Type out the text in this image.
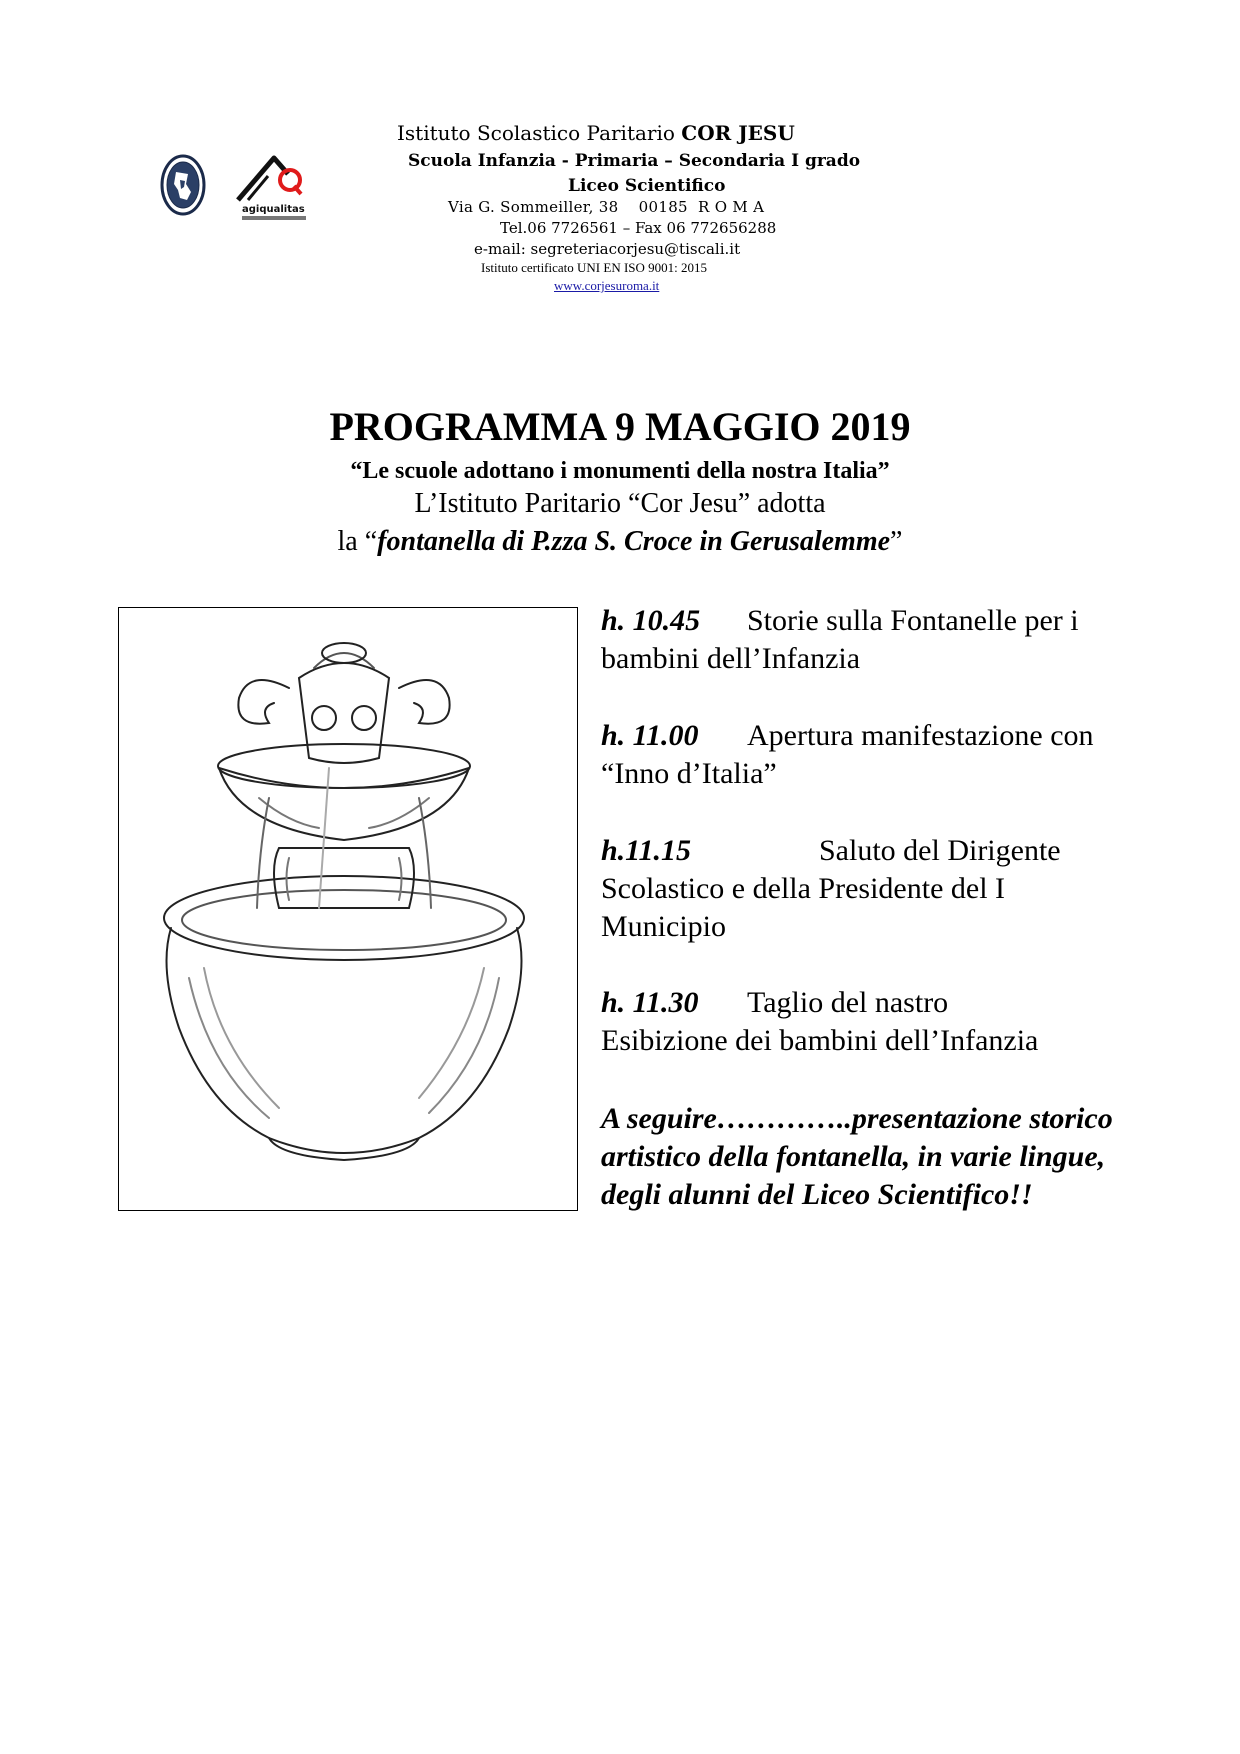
agiqualitas
Istituto Scolastico Paritario COR JESU
Scuola Infanzia - Primaria – Secondaria I grado
Liceo Scientifico
Via G. Sommeiller, 38    00185  R O M A
Tel.06 7726561 – Fax 06 772656288
e-mail: segreteriacorjesu@tiscali.it
Istituto certificato UNI EN ISO 9001: 2015
www.corjesuroma.it
PROGRAMMA 9 MAGGIO 2019
“Le scuole adottano i monumenti della nostra Italia”
L’Istituto Paritario “Cor Jesu” adotta
la “fontanella di P.zza S. Croce in Gerusalemme”
h. 10.45 Storie sulla Fontanelle per i bambini dell’Infanzia
h. 11.00 Apertura manifestazione con “Inno d’Italia”
h.11.15	Saluto del Dirigente Scolastico e della Presidente del I Municipio
h. 11.30 Taglio del nastro
Esibizione dei bambini dell’Infanzia
A seguire…………..presentazione storico artistico della fontanella, in varie lingue, degli alunni del Liceo Scientifico!!
